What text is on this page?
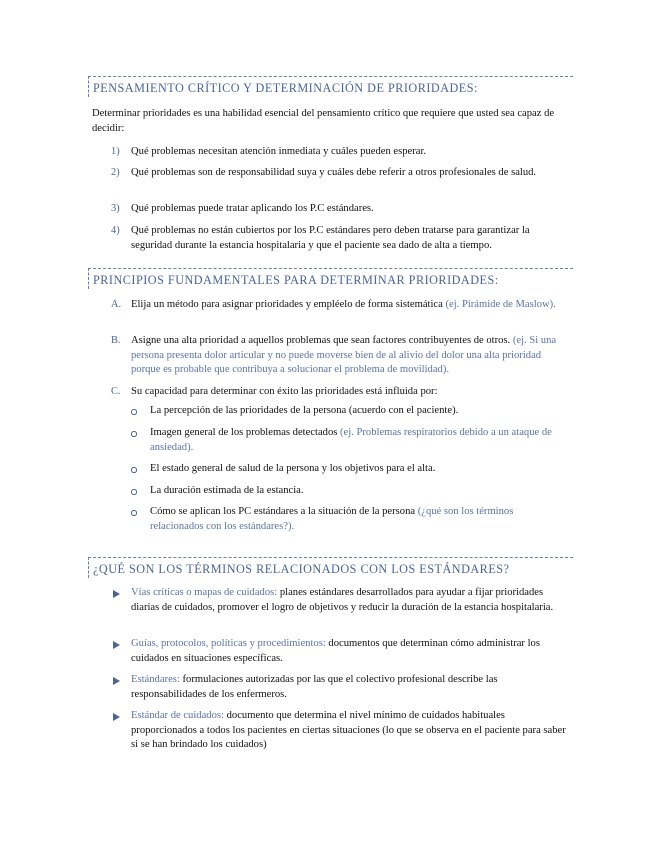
PENSAMIENTO CRÍTICO Y DETERMINACIÓN DE PRIORIDADES:
Determinar prioridades es una habilidad esencial del pensamiento crítico que requiere que usted sea capaz de decidir:
1) Qué problemas necesitan atención inmediata y cuáles pueden esperar.
2) Qué problemas son de responsabilidad suya y cuáles debe referir a otros profesionales de salud.
3) Qué problemas puede tratar aplicando los P.C estándares.
4) Qué problemas no están cubiertos por los P.C estándares pero deben tratarse para garantizar la seguridad durante la estancia hospitalaria y que el paciente sea dado de alta a tiempo.
PRINCIPIOS FUNDAMENTALES PARA DETERMINAR PRIORIDADES:
A. Elija un método para asignar prioridades y empléelo de forma sistemática (ej. Pirámide de Maslow).
B. Asigne una alta prioridad a aquellos problemas que sean factores contribuyentes de otros. (ej. Si una persona presenta dolor articular y no puede moverse bien de al alivio del dolor una alta prioridad porque es probable que contribuya a solucionar el problema de movilidad).
C. Su capacidad para determinar con éxito las prioridades está influida por:
La percepción de las prioridades de la persona (acuerdo con el paciente).
Imagen general de los problemas detectados (ej. Problemas respiratorios debido a un ataque de ansiedad).
El estado general de salud de la persona y los objetivos para el alta.
La duración estimada de la estancia.
Cómo se aplican los PC estándares a la situación de la persona (¿qué son los términos relacionados con los estándares?).
¿QUÉ SON LOS TÉRMINOS RELACIONADOS CON LOS ESTÁNDARES?
Vías críticas o mapas de cuidados: planes estándares desarrollados para ayudar a fijar prioridades diarias de cuidados, promover el logro de objetivos y reducir la duración de la estancia hospitalaria.
Guías, protocolos, políticas y procedimientos: documentos que determinan cómo administrar los cuidados en situaciones específicas.
Estándares: formulaciones autorizadas por las que el colectivo profesional describe las responsabilidades de los enfermeros.
Estándar de cuidados: documento que determina el nivel mínimo de cuidados habituales proporcionados a todos los pacientes en ciertas situaciones (lo que se observa en el paciente para saber si se han brindado los cuidados)
